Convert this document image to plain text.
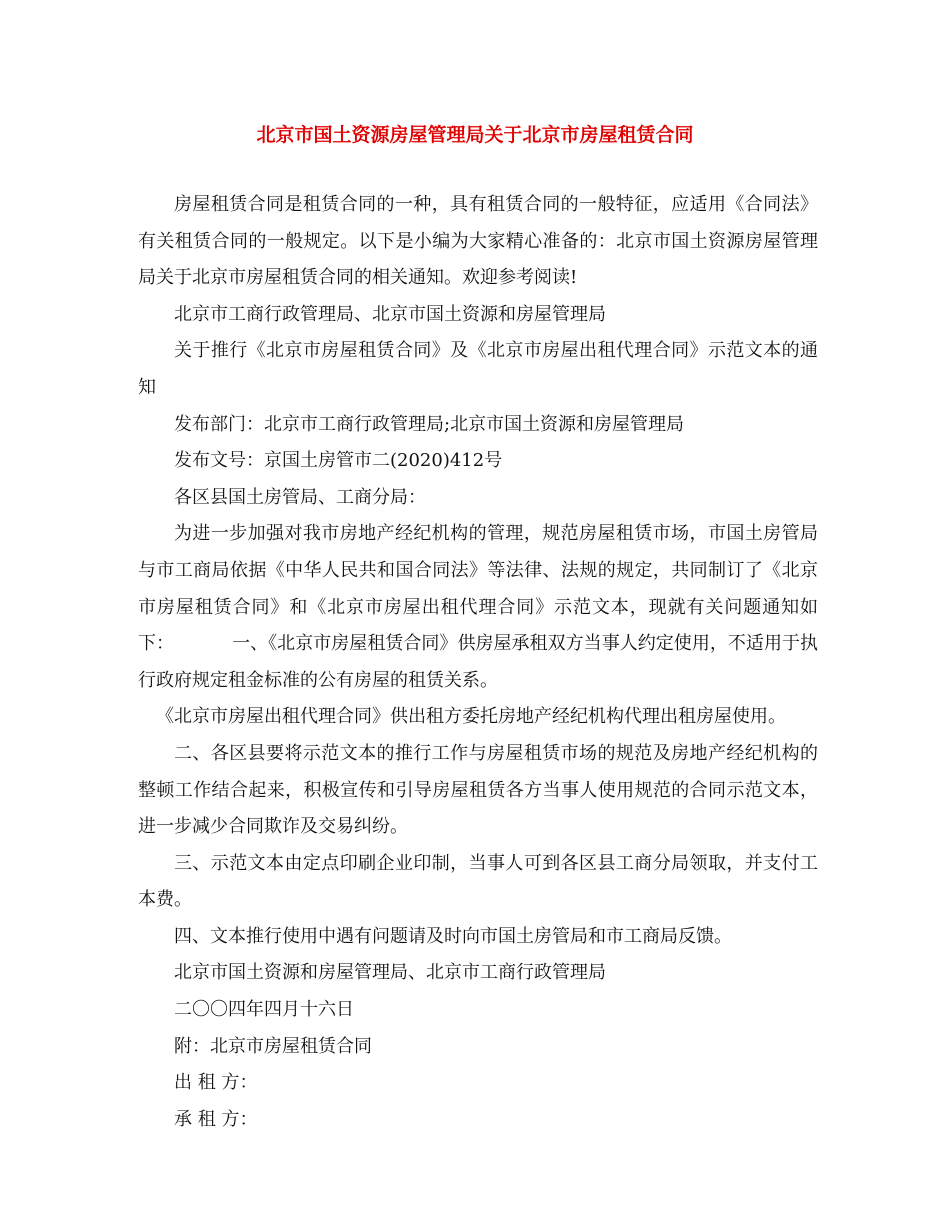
北京市国土资源房屋管理局关于北京市房屋租赁合同

房屋租赁合同是租赁合同的一种，具有租赁合同的一般特征，应适用《合同法》有关租赁合同的一般规定。以下是小编为大家精心准备的：北京市国土资源房屋管理局关于北京市房屋租赁合同的相关通知。欢迎参考阅读!

北京市工商行政管理局、北京市国土资源和房屋管理局

关于推行《北京市房屋租赁合同》及《北京市房屋出租代理合同》示范文本的通知

发布部门：北京市工商行政管理局;北京市国土资源和房屋管理局

发布文号：京国土房管市二(2020)412号

各区县国土房管局、工商分局：

为进一步加强对我市房地产经纪机构的管理，规范房屋租赁市场，市国土房管局与市工商局依据《中华人民共和国合同法》等法律、法规的规定，共同制订了《北京市房屋租赁合同》和《北京市房屋出租代理合同》示范文本，现就有关问题通知如下：	一、《北京市房屋租赁合同》供房屋承租双方当事人约定使用，不适用于执行政府规定租金标准的公有房屋的租赁关系。

《北京市房屋出租代理合同》供出租方委托房地产经纪机构代理出租房屋使用。

二、各区县要将示范文本的推行工作与房屋租赁市场的规范及房地产经纪机构的整顿工作结合起来，积极宣传和引导房屋租赁各方当事人使用规范的合同示范文本，进一步减少合同欺诈及交易纠纷。

三、示范文本由定点印刷企业印制，当事人可到各区县工商分局领取，并支付工本费。

四、文本推行使用中遇有问题请及时向市国土房管局和市工商局反馈。

北京市国土资源和房屋管理局、北京市工商行政管理局

二〇〇四年四月十六日

附：北京市房屋租赁合同

出 租 方：

承 租 方：
